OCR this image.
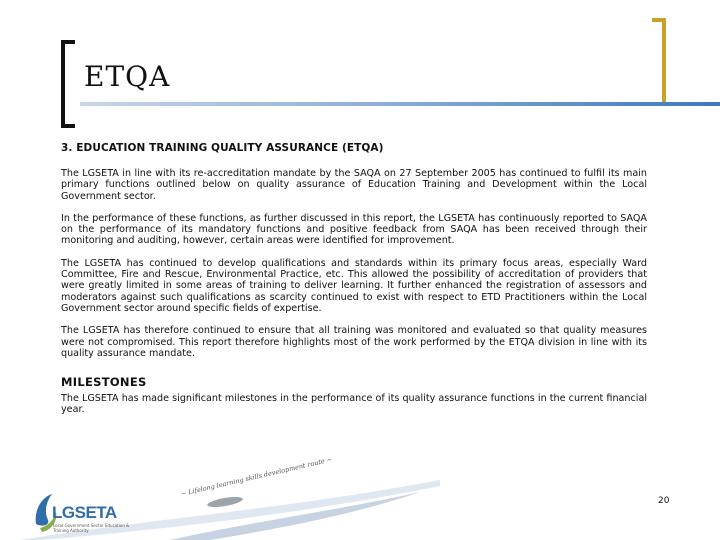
ETQA

3. EDUCATION TRAINING QUALITY ASSURANCE (ETQA)

The LGSETA in line with its re-accreditation mandate by the SAQA on 27 September 2005 has continued to fulfil its main primary functions outlined below on quality assurance of Education Training and Development within the Local Government sector.

In the performance of these functions, as further discussed in this report, the LGSETA has continuously reported to SAQA on the performance of its mandatory functions and positive feedback from SAQA has been received through their monitoring and auditing, however, certain areas were identified for improvement.

The LGSETA has continued to develop qualifications and standards within its primary focus areas, especially Ward Committee, Fire and Rescue, Environmental Practice, etc. This allowed the possibility of accreditation of providers that were greatly limited in some areas of training to deliver learning. It further enhanced the registration of assessors and moderators against such qualifications as scarcity continued to exist with respect to ETD Practitioners within the Local Government sector around specific fields of expertise.

The LGSETA has therefore continued to ensure that all training was monitored and evaluated so that quality measures were not compromised. This report therefore highlights most of the work performed by the ETQA division in line with its quality assurance mandate.

MILESTONES

The LGSETA has made significant milestones in the performance of its quality assurance functions in the current financial year.

LGSETA
Local Government Sector Education & Training Authority
~ Lifelong learning skills development route ~
20
